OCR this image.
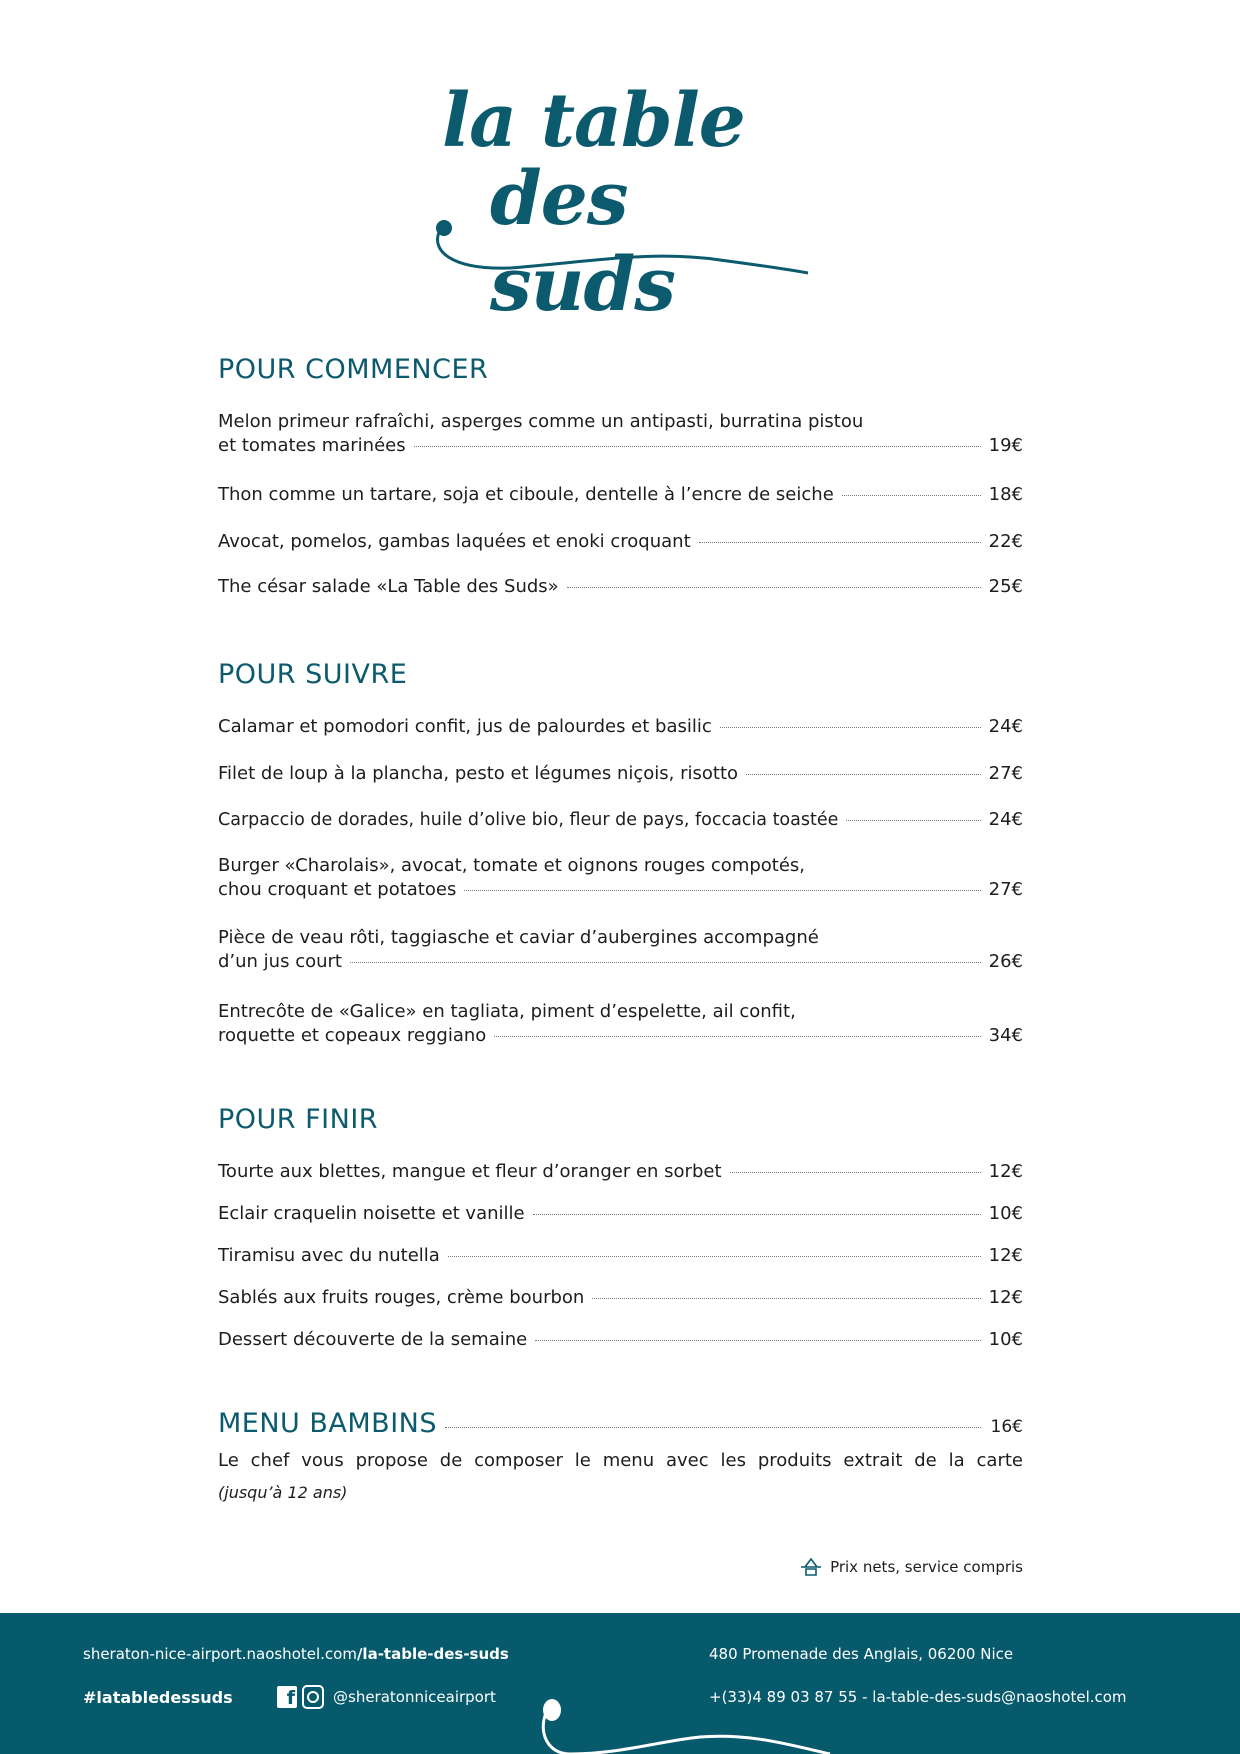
la table
des suds
POUR COMMENCER
Melon primeur rafraîchi, asperges comme un antipasti, burratina pistou
et tomates marinées	19€
Thon comme un tartare, soja et ciboule, dentelle à l’encre de seiche	18€
Avocat, pomelos, gambas laquées et enoki croquant	22€
The césar salade «La Table des Suds»	25€
POUR SUIVRE
Calamar et pomodori confit, jus de palourdes et basilic	24€
Filet de loup à la plancha, pesto et légumes niçois, risotto	27€
Carpaccio de dorades, huile d’olive bio, fleur de pays, foccacia toastée	24€
Burger «Charolais», avocat, tomate et oignons rouges compotés,
chou croquant et potatoes	27€
Pièce de veau rôti, taggiasche et caviar d’aubergines accompagné
d’un jus court	26€
Entrecôte de «Galice» en tagliata, piment d’espelette, ail confit,
roquette et copeaux reggiano	34€
POUR FINIR
Tourte aux blettes, mangue et fleur d’oranger en sorbet	12€
Eclair craquelin noisette et vanille	10€
Tiramisu avec du nutella	12€
Sablés aux fruits rouges, crème bourbon	12€
Dessert découverte de la semaine	10€
MENU BAMBINS	16€
Le chef vous propose de composer le menu avec les produits extrait de la carte
(jusqu’à 12 ans)
Prix nets, service compris
sheraton-nice-airport.naoshotel.com/la-table-des-suds
#latabledessuds	f	@sheratonniceairport
480 Promenade des Anglais, 06200 Nice
+(33)4 89 03 87 55 - la-table-des-suds@naoshotel.com
